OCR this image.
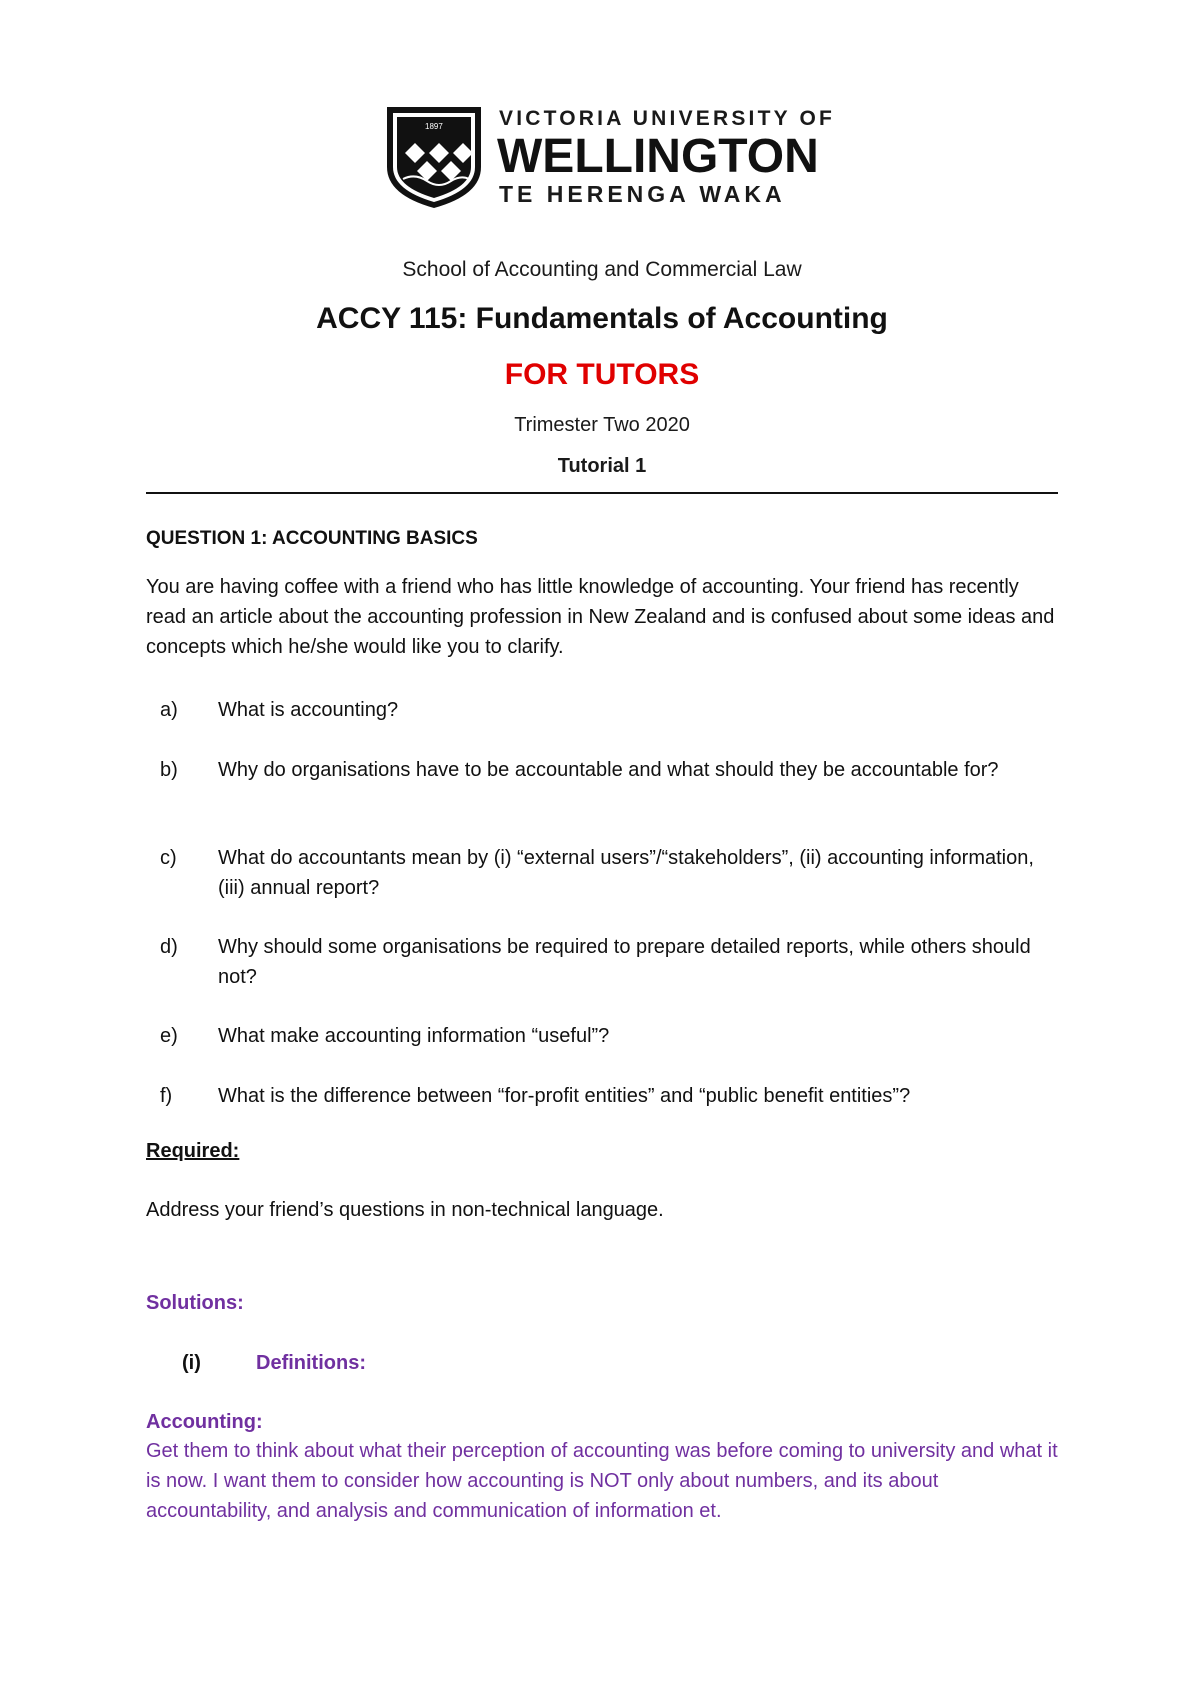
1897	VICTORIA UNIVERSITY OF
WELLINGTON
TE HERENGA WAKA
School of Accounting and Commercial Law
ACCY 115: Fundamentals of Accounting
FOR TUTORS
Trimester Two 2020
Tutorial 1
QUESTION 1: ACCOUNTING BASICS
You are having coffee with a friend who has little knowledge of accounting. Your friend has recently read an article about the accounting profession in New Zealand and is confused about some ideas and concepts which he/she would like you to clarify.
a) What is accounting?
b) Why do organisations have to be accountable and what should they be accountable for?
c) What do accountants mean by (i) “external users”/“stakeholders”, (ii) accounting information, (iii) annual report?
d) Why should some organisations be required to prepare detailed reports, while others should not?
e) What make accounting information “useful”?
f) What is the difference between “for-profit entities” and “public benefit entities”?
Required:
Address your friend’s questions in non-technical language.
Solutions:
(i)	Definitions:
Accounting:
Get them to think about what their perception of accounting was before coming to university and what it is now. I want them to consider how accounting is NOT only about numbers, and its about accountability, and analysis and communication of information et.
